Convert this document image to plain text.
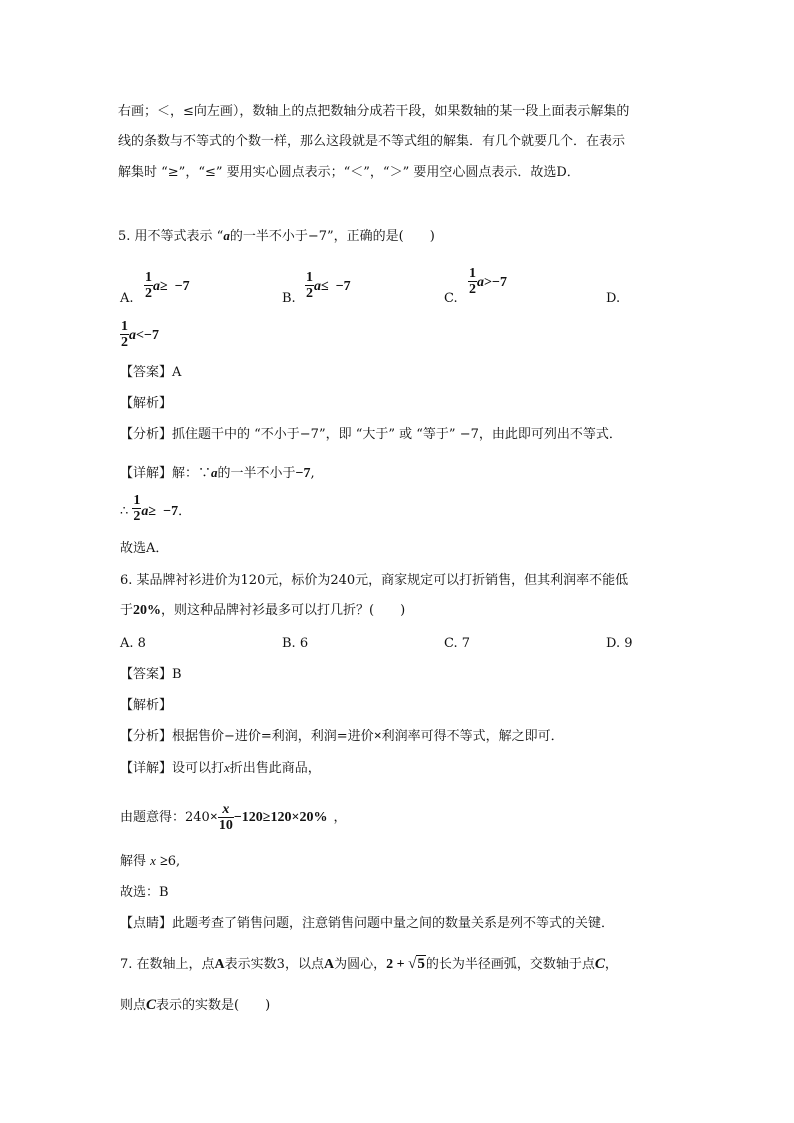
右画；＜，≤向左画），数轴上的点把数轴分成若干段，如果数轴的某一段上面表示解集的
线的条数与不等式的个数一样，那么这段就是不等式组的解集．有几个就要几个．在表示
解集时 “≥”，“≤” 要用实心圆点表示；“＜”，“＞” 要用空心圆点表示．故选D．
5. 用不等式表示 “a的一半不小于−7”，正确的是(　　)
$\frac{1}{2} a\ge -7$
A.	$\frac{1}{2} a\le -7$
B.
$\frac{1}{2} a>-7$
C.	D.
$\frac{1}{2} a<-7$
【答案】A
【解析】
【分析】抓住题干中的 “不小于−7”，即 “大于” 或 “等于” −7，由此即可列出不等式．
【详解】解：∵a的一半不小于−7,
∴ $\frac{1}{2} a\ge -7$．
故选A．
6. 某品牌衬衫进价为120元，标价为240元，商家规定可以打折销售，但其利润率不能低
于20%，则这种品牌衬衫最多可以打几折？(　　)
A. 8	B. 6	C. 7	D. 9
【答案】B
【解析】
【分析】根据售价−进价=利润，利润=进价×利润率可得不等式，解之即可．
【详解】设可以打x折出售此商品，
由题意得：$240\times \frac{x}{10} -120\ge 120\times 20\%$ ，
解得 x ≥6,
故选：B
【点睛】此题考查了销售问题，注意销售问题中量之间的数量关系是列不等式的关键．
7. 在数轴上，点A表示实数3，以点A为圆心，2 + √5的长为半径画弧，交数轴于点C，
则点C表示的实数是(　　)
